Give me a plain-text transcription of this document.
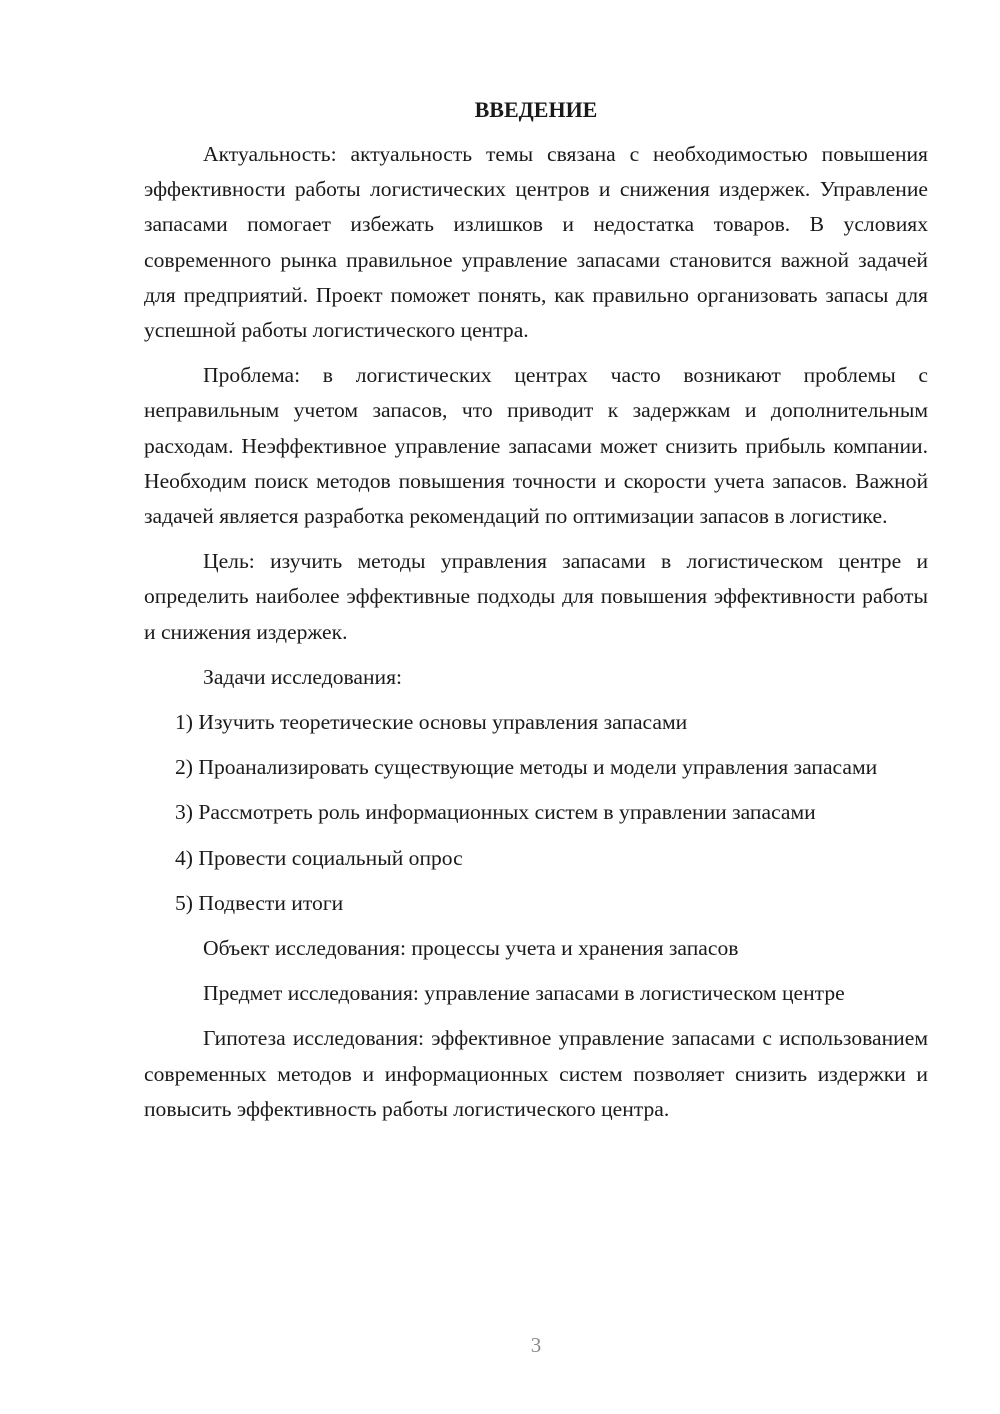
ВВЕДЕНИЕ

Актуальность: актуальность темы связана с необходимостью повышения эффективности работы логистических центров и снижения издержек. Управление запасами помогает избежать излишков и недостатка товаров. В условиях современного рынка правильное управление запасами становится важной задачей для предприятий. Проект поможет понять, как правильно организовать запасы для успешной работы логистического центра.

Проблема: в логистических центрах часто возникают проблемы с неправильным учетом запасов, что приводит к задержкам и дополнительным расходам. Неэффективное управление запасами может снизить прибыль компании. Необходим поиск методов повышения точности и скорости учета запасов. Важной задачей является разработка рекомендаций по оптимизации запасов в логистике.

Цель: изучить методы управления запасами в логистическом центре и определить наиболее эффективные подходы для повышения эффективности работы и снижения издержек.

Задачи исследования:

1) Изучить теоретические основы управления запасами

2) Проанализировать существующие методы и модели управления запасами

3) Рассмотреть роль информационных систем в управлении запасами

4) Провести социальный опрос

5) Подвести итоги

Объект исследования: процессы учета и хранения запасов

Предмет исследования: управление запасами в логистическом центре

Гипотеза исследования: эффективное управление запасами с использованием современных методов и информационных систем позволяет снизить издержки и повысить эффективность работы логистического центра.

3
